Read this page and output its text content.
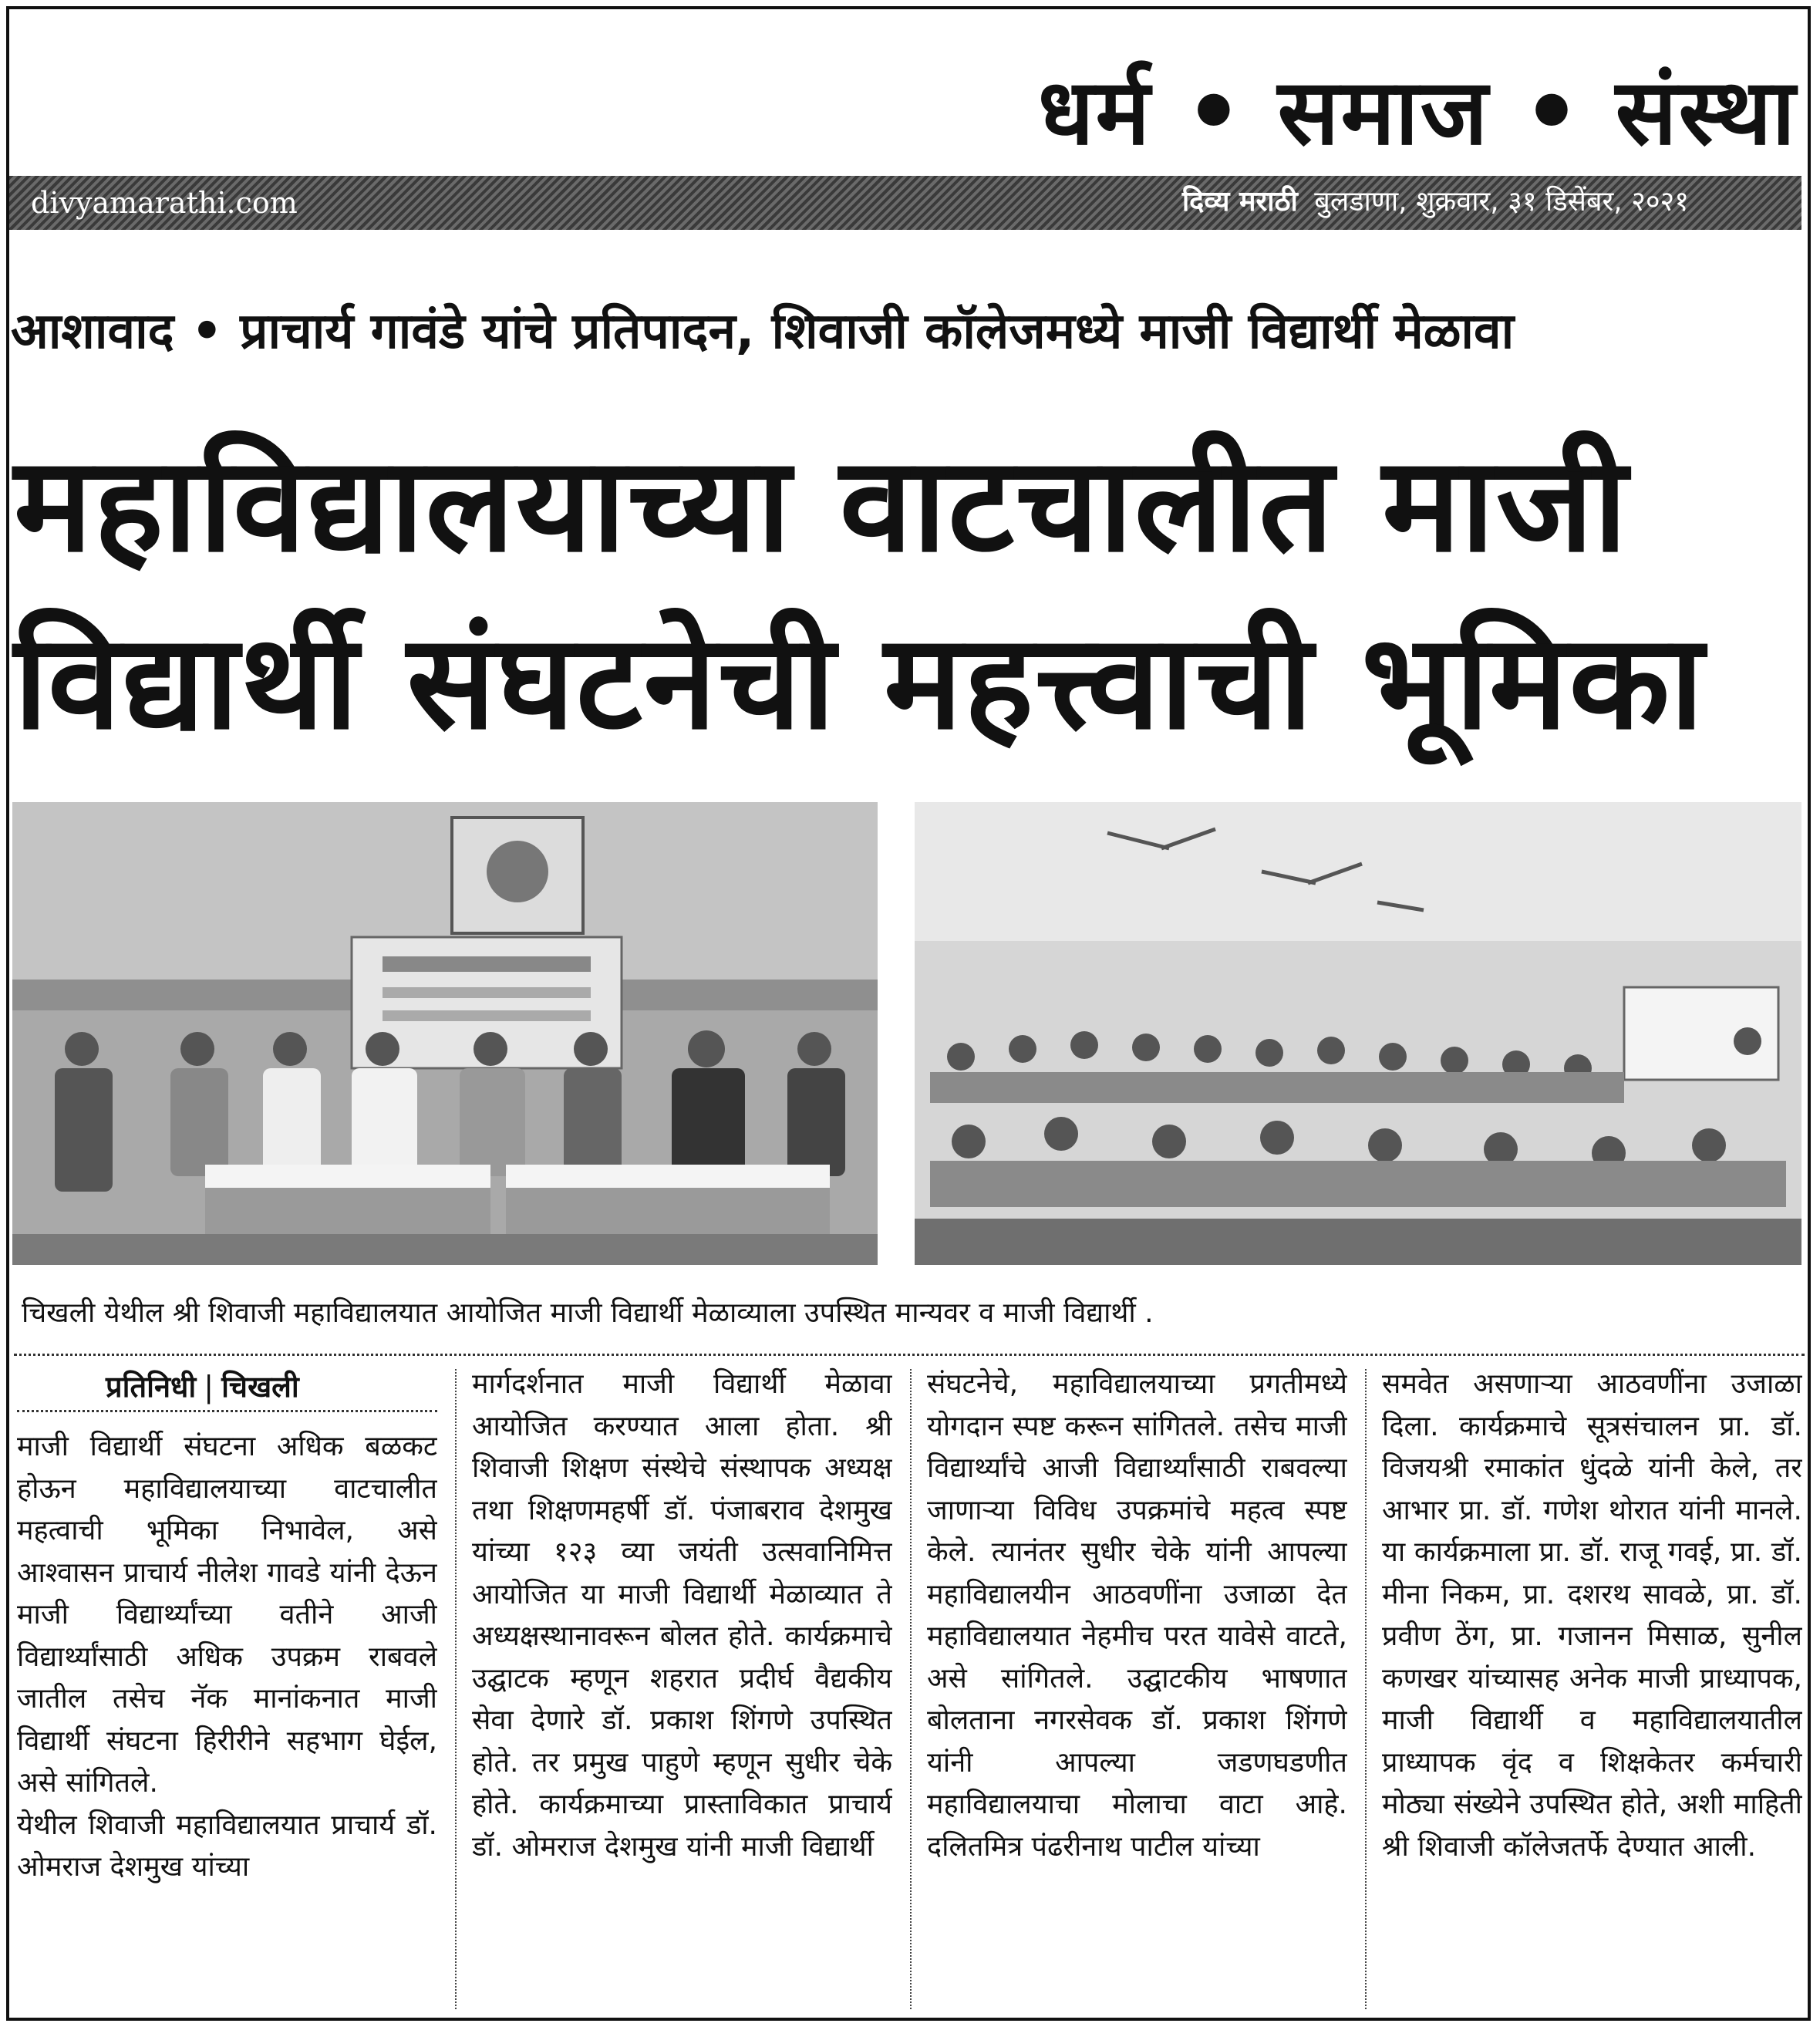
धर्म • समाज • संस्था
divyamarathi.com	दिव्य मराठी बुलडाणा, शुक्रवार, ३१ डिसेंबर, २०२१
आशावाद • प्राचार्य गावंडे यांचे प्रतिपादन, शिवाजी कॉलेजमध्ये माजी विद्यार्थी मेळावा
महाविद्यालयाच्या वाटचालीत माजी
विद्यार्थी संघटनेची महत्त्वाची भूमिका
चिखली येथील श्री शिवाजी महाविद्यालयात आयोजित माजी विद्यार्थी मेळाव्याला उपस्थित मान्यवर व माजी विद्यार्थी .
प्रतिनिधी | चिखली

माजी विद्यार्थी संघटना अधिक बळकट होऊन महाविद्यालयाच्या वाटचालीत महत्वाची भूमिका निभावेल, असे आश्वासन प्राचार्य नीलेश गावडे यांनी देऊन माजी विद्यार्थ्यांच्या वतीने आजी विद्यार्थ्यांसाठी अधिक उपक्रम राबवले जातील तसेच नॅक मानांकनात माजी विद्यार्थी संघटना हिरीरीने सहभाग घेईल, असे सांगितले.

येथील शिवाजी महाविद्यालयात प्राचार्य डॉ. ओमराज देशमुख यांच्या

मार्गदर्शनात माजी विद्यार्थी मेळावा आयोजित करण्यात आला होता. श्री शिवाजी शिक्षण संस्थेचे संस्थापक अध्यक्ष तथा शिक्षणमहर्षी डॉ. पंजाबराव देशमुख यांच्या १२३ व्या जयंती उत्सवानिमित्त आयोजित या माजी विद्यार्थी मेळाव्यात ते अध्यक्षस्थानावरून बोलत होते. कार्यक्रमाचे उद्घाटक म्हणून शहरात प्रदीर्घ वैद्यकीय सेवा देणारे डॉ. प्रकाश शिंगणे उपस्थित होते. तर प्रमुख पाहुणे म्हणून सुधीर चेके होते. कार्यक्रमाच्या प्रास्ताविकात प्राचार्य डॉ. ओमराज देशमुख यांनी माजी विद्यार्थी

संघटनेचे, महाविद्यालयाच्या प्रगतीमध्ये योगदान स्पष्ट करून सांगितले. तसेच माजी विद्यार्थ्यांचे आजी विद्यार्थ्यांसाठी राबवल्या जाणाऱ्या विविध उपक्रमांचे महत्व स्पष्ट केले. त्यानंतर सुधीर चेके यांनी आपल्या महाविद्यालयीन आठवणींना उजाळा देत महाविद्यालयात नेहमीच परत यावेसे वाटते, असे सांगितले. उद्घाटकीय भाषणात बोलताना नगरसेवक डॉ. प्रकाश शिंगणे यांनी आपल्या जडणघडणीत महाविद्यालयाचा मोलाचा वाटा आहे. दलितमित्र पंढरीनाथ पाटील यांच्या

समवेत असणाऱ्या आठवणींना उजाळा दिला. कार्यक्रमाचे सूत्रसंचालन प्रा. डॉ. विजयश्री रमाकांत धुंदळे यांनी केले, तर आभार प्रा. डॉ. गणेश थोरात यांनी मानले. या कार्यक्रमाला प्रा. डॉ. राजू गवई, प्रा. डॉ. मीना निकम, प्रा. दशरथ सावळे, प्रा. डॉ. प्रवीण ठेंग, प्रा. गजानन मिसाळ, सुनील कणखर यांच्यासह अनेक माजी प्राध्यापक, माजी विद्यार्थी व महाविद्यालयातील प्राध्यापक वृंद व शिक्षकेतर कर्मचारी मोठ्या संख्येने उपस्थित होते, अशी माहिती श्री शिवाजी कॉलेजतर्फे देण्यात आली.
